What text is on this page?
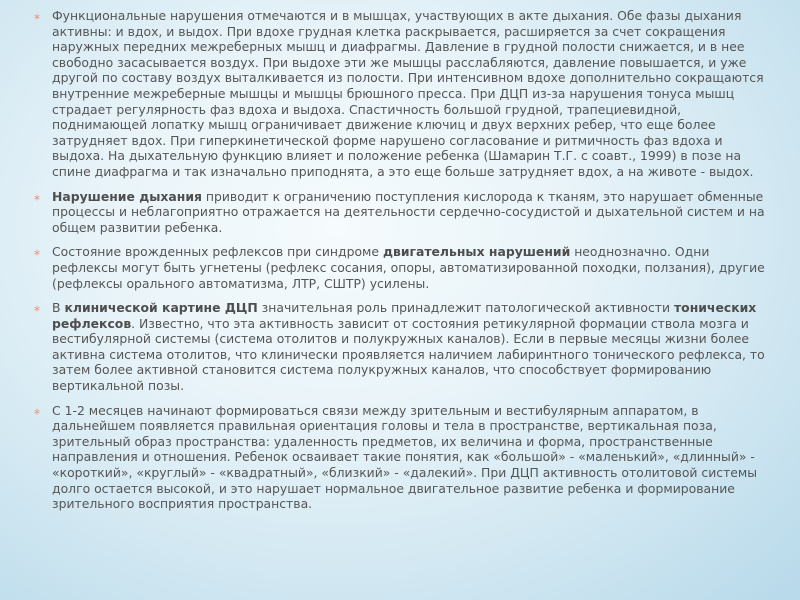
⁎ Функциональные нарушения отмечаются и в мышцах, участвующих в акте дыхания. Обе фазы дыхания активны: и вдох, и выдох. При вдохе грудная клетка раскрывается, расширяется за счет сокращения наружных передних межреберных мышц и диафрагмы. Давление в грудной полости снижается, и в нее свободно засасывается воздух. При выдохе эти же мышцы расслабляются, давление повышается, и уже другой по составу воздух выталкивается из полости. При интенсивном вдохе дополнительно сокращаются внутренние межреберные мышцы и мышцы брюшного пресса. При ДЦП из-за нарушения тонуса мышц страдает регулярность фаз вдоха и выдоха. Спастичность большой грудной, трапециевидной, поднимающей лопатку мышц ограничивает движение ключиц и двух верхних ребер, что еще более затрудняет вдох. При гиперкинетической форме нарушено согласование и ритмичность фаз вдоха и выдоха. На дыхательную функцию влияет и положение ребенка (Шамарин Т.Г. с соавт., 1999) в позе на спине диафрагма и так изначально приподнята, а это еще больше затрудняет вдох, а на животе - выдох.
⁎ Нарушение дыхания приводит к ограничению поступления кислорода к тканям, это нарушает обменные процессы и неблагоприятно отражается на деятельности сердечно-сосудистой и дыхательной систем и на общем развитии ребенка.
⁎ Состояние врожденных рефлексов при синдроме двигательных нарушений неоднозначно. Одни рефлексы могут быть угнетены (рефлекс сосания, опоры, автоматизированной походки, ползания), другие (рефлексы орального автоматизма, ЛТР, СШТР) усилены.
⁎ В клинической картине ДЦП значительная роль принадлежит патологической активности тонических рефлексов. Известно, что эта активность зависит от состояния ретикулярной формации ствола мозга и вестибулярной системы (система отолитов и полукружных каналов). Если в первые месяцы жизни более активна система отолитов, что клинически проявляется наличием лабиринтного тонического рефлекса, то затем более активной становится система полукружных каналов, что способствует формированию вертикальной позы.
⁎ С 1-2 месяцев начинают формироваться связи между зрительным и вестибулярным аппаратом, в дальнейшем появляется правильная ориентация головы и тела в пространстве, вертикальная поза, зрительный образ пространства: удаленность предметов, их величина и форма, пространственные направления и отношения. Ребенок осваивает такие понятия, как «большой» - «маленький», «длинный» - «короткий», «круглый» - «квадратный», «близкий» - «далекий». При ДЦП активность отолитовой системы долго остается высокой, и это нарушает нормальное двигательное развитие ребенка и формирование зрительного восприятия пространства.
